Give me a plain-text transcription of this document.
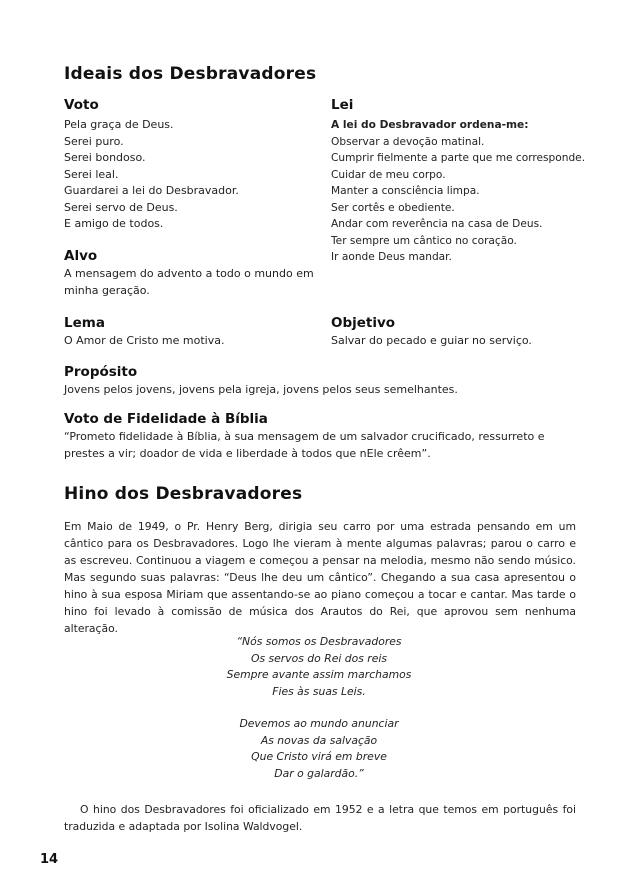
Ideais dos Desbravadores
Voto
Pela graça de Deus.
Serei puro.
Serei bondoso.
Serei leal.
Guardarei a lei do Desbravador.
Serei servo de Deus.
E amigo de todos.
Lei
A lei do Desbravador ordena-me:
Observar a devoção matinal.
Cumprir fielmente a parte que me corresponde.
Cuidar de meu corpo.
Manter a consciência limpa.
Ser cortês e obediente.
Andar com reverência na casa de Deus.
Ter sempre um cântico no coração.
Ir aonde Deus mandar.
Alvo
A mensagem do advento a todo o mundo em
minha geração.
Lema
O Amor de Cristo me motiva.
Objetivo
Salvar do pecado e guiar no serviço.
Propósito
Jovens pelos jovens, jovens pela igreja, jovens pelos seus semelhantes.
Voto de Fidelidade à Bíblia
“Prometo fidelidade à Bíblia, à sua mensagem de um salvador crucificado, ressurreto e
prestes a vir; doador de vida e liberdade à todos que nEle crêem”.
Hino dos Desbravadores

Em Maio de 1949, o Pr. Henry Berg, dirigia seu carro por uma estrada pensando em um cântico para os Desbravadores. Logo lhe vieram à mente algumas palavras; parou o carro e as escreveu. Continuou a viagem e começou a pensar na melodia, mesmo não sendo músico. Mas segundo suas palavras: “Deus lhe deu um cântico”. Chegando a sua casa apresentou o hino à sua esposa Miriam que assentando-se ao piano começou a tocar e cantar. Mas tarde o hino foi levado à comissão de música dos Arautos do Rei, que aprovou sem nenhuma alteração.

“Nós somos os Desbravadores
Os servos do Rei dos reis
Sempre avante assim marchamos
Fies às suas Leis.
Devemos ao mundo anunciar
As novas da salvação
Que Cristo virá em breve
Dar o galardão.”

O hino dos Desbravadores foi oficializado em 1952 e a letra que temos em português foi traduzida e adaptada por Isolina Waldvogel.

14
